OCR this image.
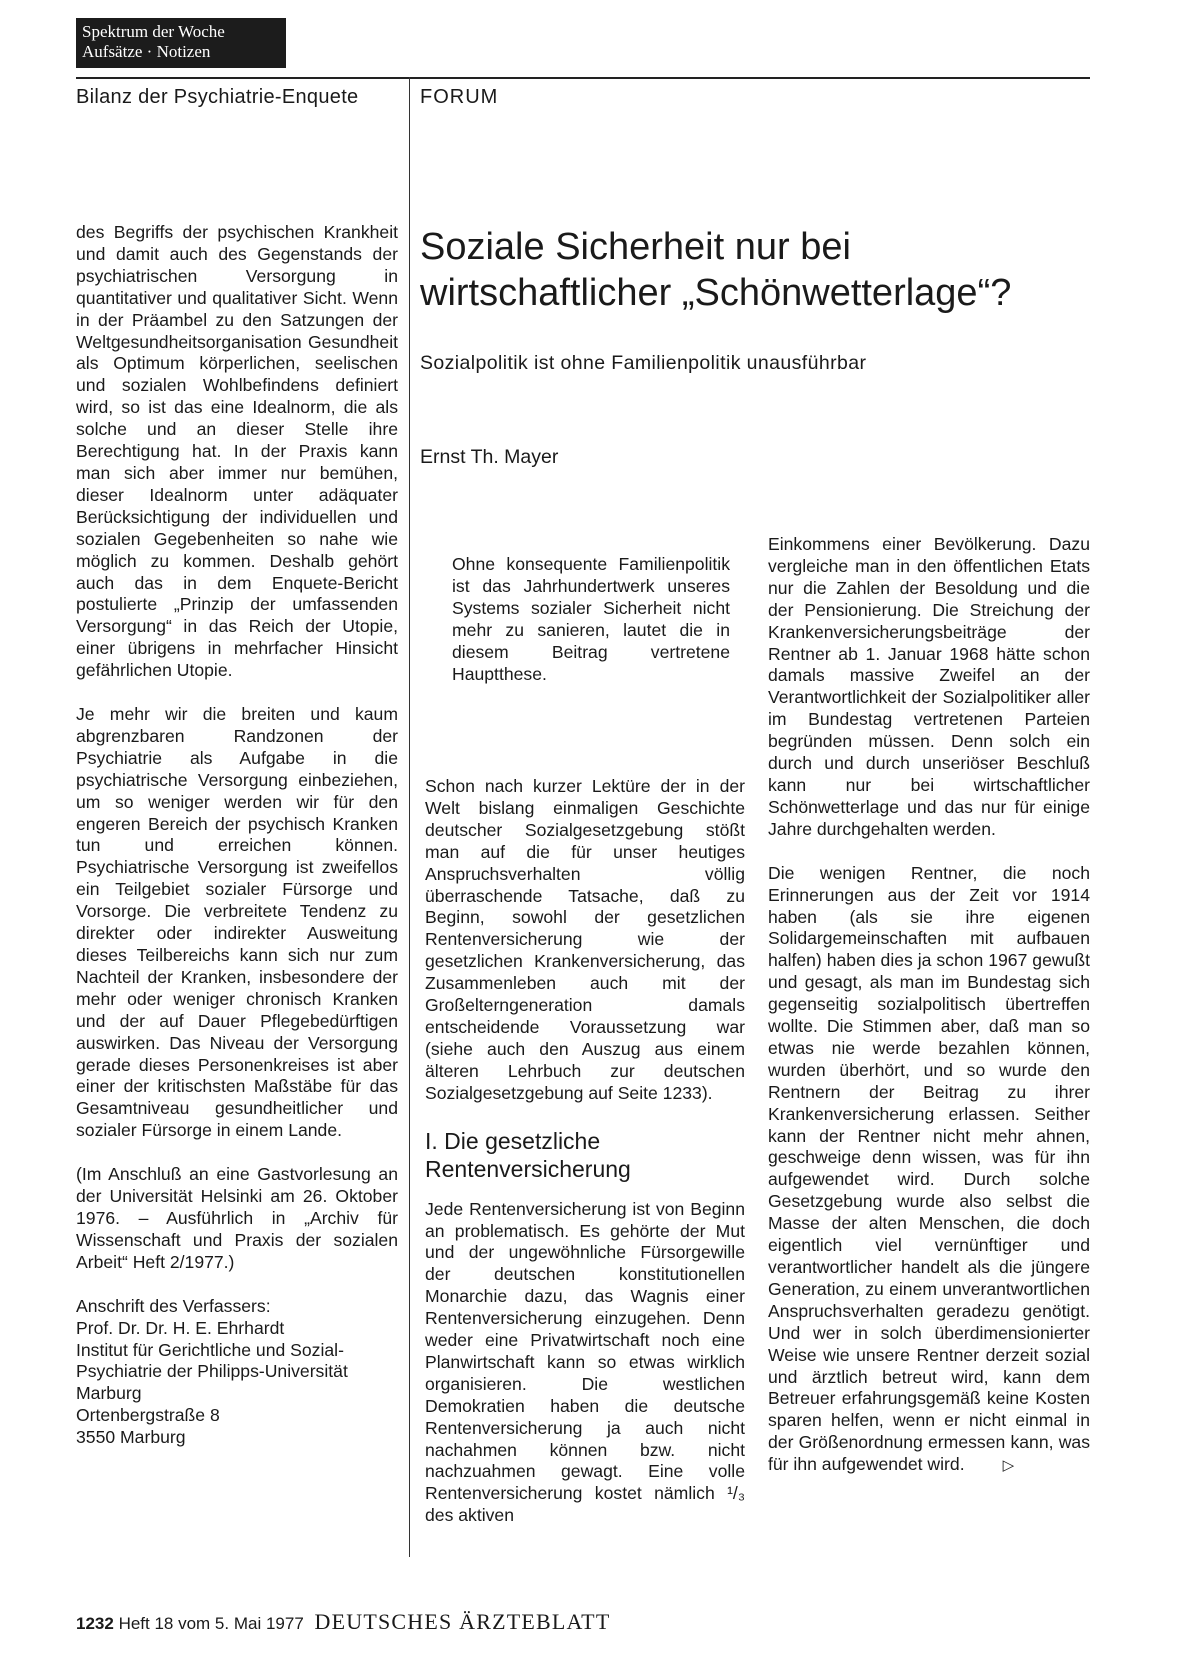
Spektrum der Woche
Aufsätze · Notizen
Bilanz der Psychiatrie-Enquete	FORUM

des Begriffs der psychischen Krankheit und damit auch des Gegenstands der psychiatrischen Versorgung in quantitativer und qualitativer Sicht. Wenn in der Präambel zu den Satzungen der Weltgesundheitsorganisation Gesundheit als Optimum körperlichen, seelischen und sozialen Wohlbefindens definiert wird, so ist das eine Idealnorm, die als solche und an dieser Stelle ihre Berechtigung hat. In der Praxis kann man sich aber immer nur bemühen, dieser Idealnorm unter adäquater Berücksichtigung der individuellen und sozialen Gegebenheiten so nahe wie möglich zu kommen. Deshalb gehört auch das in dem Enquete-Bericht postulierte „Prinzip der umfassenden Versorgung“ in das Reich der Utopie, einer übrigens in mehrfacher Hinsicht gefährlichen Utopie.

Je mehr wir die breiten und kaum abgrenzbaren Randzonen der Psychiatrie als Aufgabe in die psychiatrische Versorgung einbeziehen, um so weniger werden wir für den engeren Bereich der psychisch Kranken tun und erreichen können. Psychiatrische Versorgung ist zweifellos ein Teilgebiet sozialer Fürsorge und Vorsorge. Die verbreitete Tendenz zu direkter oder indirekter Ausweitung dieses Teilbereichs kann sich nur zum Nachteil der Kranken, insbesondere der mehr oder weniger chronisch Kranken und der auf Dauer Pflegebedürftigen auswirken. Das Niveau der Versorgung gerade dieses Personenkreises ist aber einer der kritischsten Maßstäbe für das Gesamtniveau gesundheitlicher und sozialer Fürsorge in einem Lande.

(Im Anschluß an eine Gastvorlesung an der Universität Helsinki am 26. Oktober 1976. – Ausführlich in „Archiv für Wissenschaft und Praxis der sozialen Arbeit“ Heft 2/1977.)

Anschrift des Verfassers:
Prof. Dr. Dr. H. E. Ehrhardt
Institut für Gerichtliche und Sozial-
Psychiatrie der Philipps-Universität
Marburg
Ortenbergstraße 8
3550 Marburg
Soziale Sicherheit nur bei
wirtschaftlicher „Schönwetterlage“?
Sozialpolitik ist ohne Familienpolitik unausführbar
Ernst Th. Mayer
Ohne konsequente Familienpolitik ist das Jahrhundertwerk unseres Systems sozialer Sicherheit nicht mehr zu sanieren, lautet die in diesem Beitrag vertretene Hauptthese.

Schon nach kurzer Lektüre der in der Welt bislang einmaligen Geschichte deutscher Sozialgesetzgebung stößt man auf die für unser heutiges Anspruchsverhalten völlig überraschende Tatsache, daß zu Beginn, sowohl der gesetzlichen Rentenversicherung wie der gesetzlichen Krankenversicherung, das Zusammenleben auch mit der Großelterngeneration damals entscheidende Voraussetzung war (siehe auch den Auszug aus einem älteren Lehrbuch zur deutschen Sozialgesetzgebung auf Seite 1233).

I. Die gesetzliche Rentenversicherung

Jede Rentenversicherung ist von Beginn an problematisch. Es gehörte der Mut und der ungewöhnliche Fürsorgewille der deutschen konstitutionellen Monarchie dazu, das Wagnis einer Rentenversicherung einzugehen. Denn weder eine Privatwirtschaft noch eine Planwirtschaft kann so etwas wirklich organisieren. Die westlichen Demokratien haben die deutsche Rentenversicherung ja auch nicht nachahmen können bzw. nicht nachzuahmen gewagt. Eine volle Rentenversicherung kostet nämlich ¹/₃ des aktiven

Einkommens einer Bevölkerung. Dazu vergleiche man in den öffentlichen Etats nur die Zahlen der Besoldung und die der Pensionierung. Die Streichung der Krankenversicherungsbeiträge der Rentner ab 1. Januar 1968 hätte schon damals massive Zweifel an der Verantwortlichkeit der Sozialpolitiker aller im Bundestag vertretenen Parteien begründen müssen. Denn solch ein durch und durch unseriöser Beschluß kann nur bei wirtschaftlicher Schönwetterlage und das nur für einige Jahre durchgehalten werden.

Die wenigen Rentner, die noch Erinnerungen aus der Zeit vor 1914 haben (als sie ihre eigenen Solidargemeinschaften mit aufbauen halfen) haben dies ja schon 1967 gewußt und gesagt, als man im Bundestag sich gegenseitig sozialpolitisch übertreffen wollte. Die Stimmen aber, daß man so etwas nie werde bezahlen können, wurden überhört, und so wurde den Rentnern der Beitrag zu ihrer Krankenversicherung erlassen. Seither kann der Rentner nicht mehr ahnen, geschweige denn wissen, was für ihn aufgewendet wird. Durch solche Gesetzgebung wurde also selbst die Masse der alten Menschen, die doch eigentlich viel vernünftiger und verantwortlicher handelt als die jüngere Generation, zu einem unverantwortlichen Anspruchsverhalten geradezu genötigt. Und wer in solch überdimensionierter Weise wie unsere Rentner derzeit sozial und ärztlich betreut wird, kann dem Betreuer erfahrungsgemäß keine Kosten sparen helfen, wenn er nicht einmal in der Größenordnung ermessen kann, was für ihn aufgewendet wird.	▷

1232 Heft 18 vom 5. Mai 1977 DEUTSCHES ÄRZTEBLATT
